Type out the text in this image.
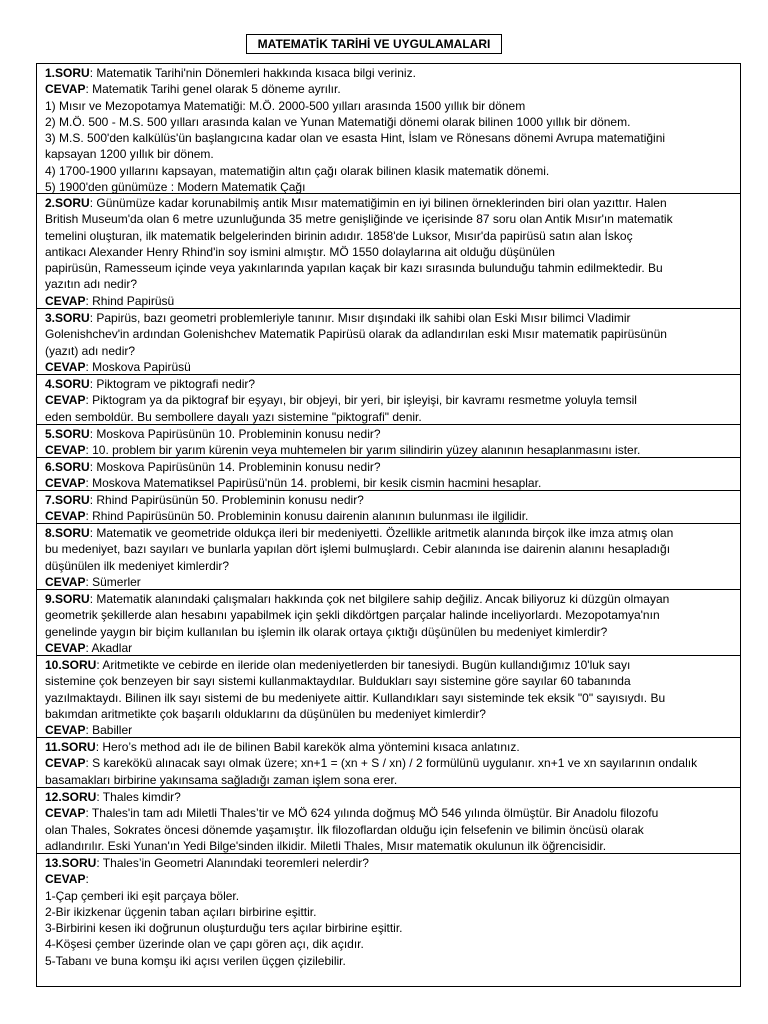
MATEMATİK TARİHİ VE UYGULAMALARI
1.SORU: Matematik Tarihi'nin Dönemleri hakkında kısaca bilgi veriniz.
CEVAP: Matematik Tarihi genel olarak 5 döneme ayrılır.
1) Mısır ve Mezopotamya Matematiği: M.Ö. 2000-500 yılları arasında 1500 yıllık bir dönem
2) M.Ö. 500 - M.S. 500 yılları arasında kalan ve Yunan Matematiği dönemi olarak bilinen 1000 yıllık bir dönem.
3) M.S. 500'den kalkülüs'ün başlangıcına kadar olan ve esasta Hint, İslam ve Rönesans dönemi Avrupa matematiğini
kapsayan 1200 yıllık bir dönem.
4) 1700-1900 yıllarını kapsayan, matematiğin altın çağı olarak bilinen klasik matematik dönemi.
5) 1900'den günümüze : Modern Matematik Çağı
2.SORU: Günümüze kadar korunabilmiş antik Mısır matematiğimin en iyi bilinen örneklerinden biri olan yazıttır. Halen
British Museum'da olan 6 metre uzunluğunda 35 metre genişliğinde ve içerisinde 87 soru olan Antik Mısır'ın matematik
temelini oluşturan, ilk matematik belgelerinden birinin adıdır. 1858'de Luksor, Mısır'da papirüsü satın alan İskoç
antikacı Alexander Henry Rhind'in soy ismini almıştır. MÖ 1550 dolaylarına ait olduğu düşünülen
papirüsün, Ramesseum içinde veya yakınlarında yapılan kaçak bir kazı sırasında bulunduğu tahmin edilmektedir. Bu
yazıtın adı nedir?
CEVAP: Rhind Papirüsü
3.SORU: Papirüs, bazı geometri problemleriyle tanınır. Mısır dışındaki ilk sahibi olan Eski Mısır bilimci Vladimir
Golenishchev'in ardından Golenishchev Matematik Papirüsü olarak da adlandırılan eski Mısır matematik papirüsünün
(yazıt) adı nedir?
CEVAP: Moskova Papirüsü
4.SORU: Piktogram ve piktografi nedir?
CEVAP: Piktogram ya da piktograf bir eşyayı, bir objeyi, bir yeri, bir işleyişi, bir kavramı resmetme yoluyla temsil
eden semboldür. Bu sembollere dayalı yazı sistemine "piktografi" denir.
5.SORU: Moskova Papirüsünün 10. Probleminin konusu nedir?
CEVAP: 10. problem bir yarım kürenin veya muhtemelen bir yarım silindirin yüzey alanının hesaplanmasını ister.
6.SORU: Moskova Papirüsünün 14. Probleminin konusu nedir?
CEVAP: Moskova Matematiksel Papirüsü'nün 14. problemi, bir kesik cismin hacmini hesaplar.
7.SORU: Rhind Papirüsünün 50. Probleminin konusu nedir?
CEVAP: Rhind Papirüsünün 50. Probleminin konusu dairenin alanının bulunması ile ilgilidir.
8.SORU: Matematik ve geometride oldukça ileri bir medeniyetti. Özellikle aritmetik alanında birçok ilke imza atmış olan
bu medeniyet, bazı sayıları ve bunlarla yapılan dört işlemi bulmuşlardı. Cebir alanında ise dairenin alanını hesapladığı
düşünülen ilk medeniyet kimlerdir?
CEVAP: Sümerler
9.SORU: Matematik alanındaki çalışmaları hakkında çok net bilgilere sahip değiliz. Ancak biliyoruz ki düzgün olmayan
geometrik şekillerde alan hesabını yapabilmek için şekli dikdörtgen parçalar halinde inceliyorlardı. Mezopotamya'nın
genelinde yaygın bir biçim kullanılan bu işlemin ilk olarak ortaya çıktığı düşünülen bu medeniyet kimlerdir?
CEVAP: Akadlar
10.SORU: Aritmetikte ve cebirde en ileride olan medeniyetlerden bir tanesiydi. Bugün kullandığımız 10'luk sayı
sistemine çok benzeyen bir sayı sistemi kullanmaktaydılar. Buldukları sayı sistemine göre sayılar 60 tabanında
yazılmaktaydı. Bilinen ilk sayı sistemi de bu medeniyete aittir. Kullandıkları sayı sisteminde tek eksik "0" sayısıydı. Bu
bakımdan aritmetikte çok başarılı olduklarını da düşünülen bu medeniyet kimlerdir?
CEVAP: Babiller
11.SORU: Hero’s method adı ile de bilinen Babil karekök alma yöntemini kısaca anlatınız.
CEVAP: S karekökü alınacak sayı olmak üzere; xn+1 = (xn + S / xn) / 2 formülünü uygulanır. xn+1 ve xn sayılarının ondalık
basamakları birbirine yakınsama sağladığı zaman işlem sona erer.
12.SORU: Thales kimdir?
CEVAP: Thales'in tam adı Miletli Thales’tir ve MÖ 624 yılında doğmuş MÖ 546 yılında ölmüştür. Bir Anadolu filozofu
olan Thales, Sokrates öncesi dönemde yaşamıştır. İlk filozoflardan olduğu için felsefenin ve bilimin öncüsü olarak
adlandırılır. Eski Yunan'ın Yedi Bilge'sinden ilkidir. Miletli Thales, Mısır matematik okulunun ilk öğrencisidir.
13.SORU: Thales’in Geometri Alanındaki teoremleri nelerdir?
CEVAP:
1-Çap çemberi iki eşit parçaya böler.
2-Bir ikizkenar üçgenin taban açıları birbirine eşittir.
3-Birbirini kesen iki doğrunun oluşturduğu ters açılar birbirine eşittir.
4-Köşesi çember üzerinde olan ve çapı gören açı, dik açıdır.
5-Tabanı ve buna komşu iki açısı verilen üçgen çizilebilir.
